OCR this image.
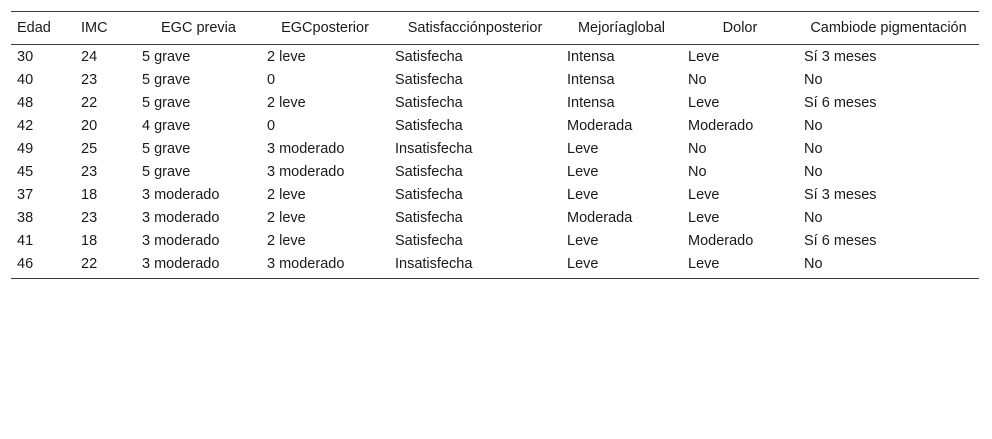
Edad	IMC	EGC previa	EGCposterior	Satisfacciónposterior	Mejoríaglobal	Dolor	Cambiode pigmentación
30	24	5 grave	2 leve	Satisfecha	Intensa	Leve	Sí 3 meses
40	23	5 grave	0	Satisfecha	Intensa	No	No
48	22	5 grave	2 leve	Satisfecha	Intensa	Leve	Sí 6 meses
42	20	4 grave	0	Satisfecha	Moderada	Moderado	No
49	25	5 grave	3 moderado	Insatisfecha	Leve	No	No
45	23	5 grave	3 moderado	Satisfecha	Leve	No	No
37	18	3 moderado	2 leve	Satisfecha	Leve	Leve	Sí 3 meses
38	23	3 moderado	2 leve	Satisfecha	Moderada	Leve	No
41	18	3 moderado	2 leve	Satisfecha	Leve	Moderado	Sí 6 meses
46	22	3 moderado	3 moderado	Insatisfecha	Leve	Leve	No
